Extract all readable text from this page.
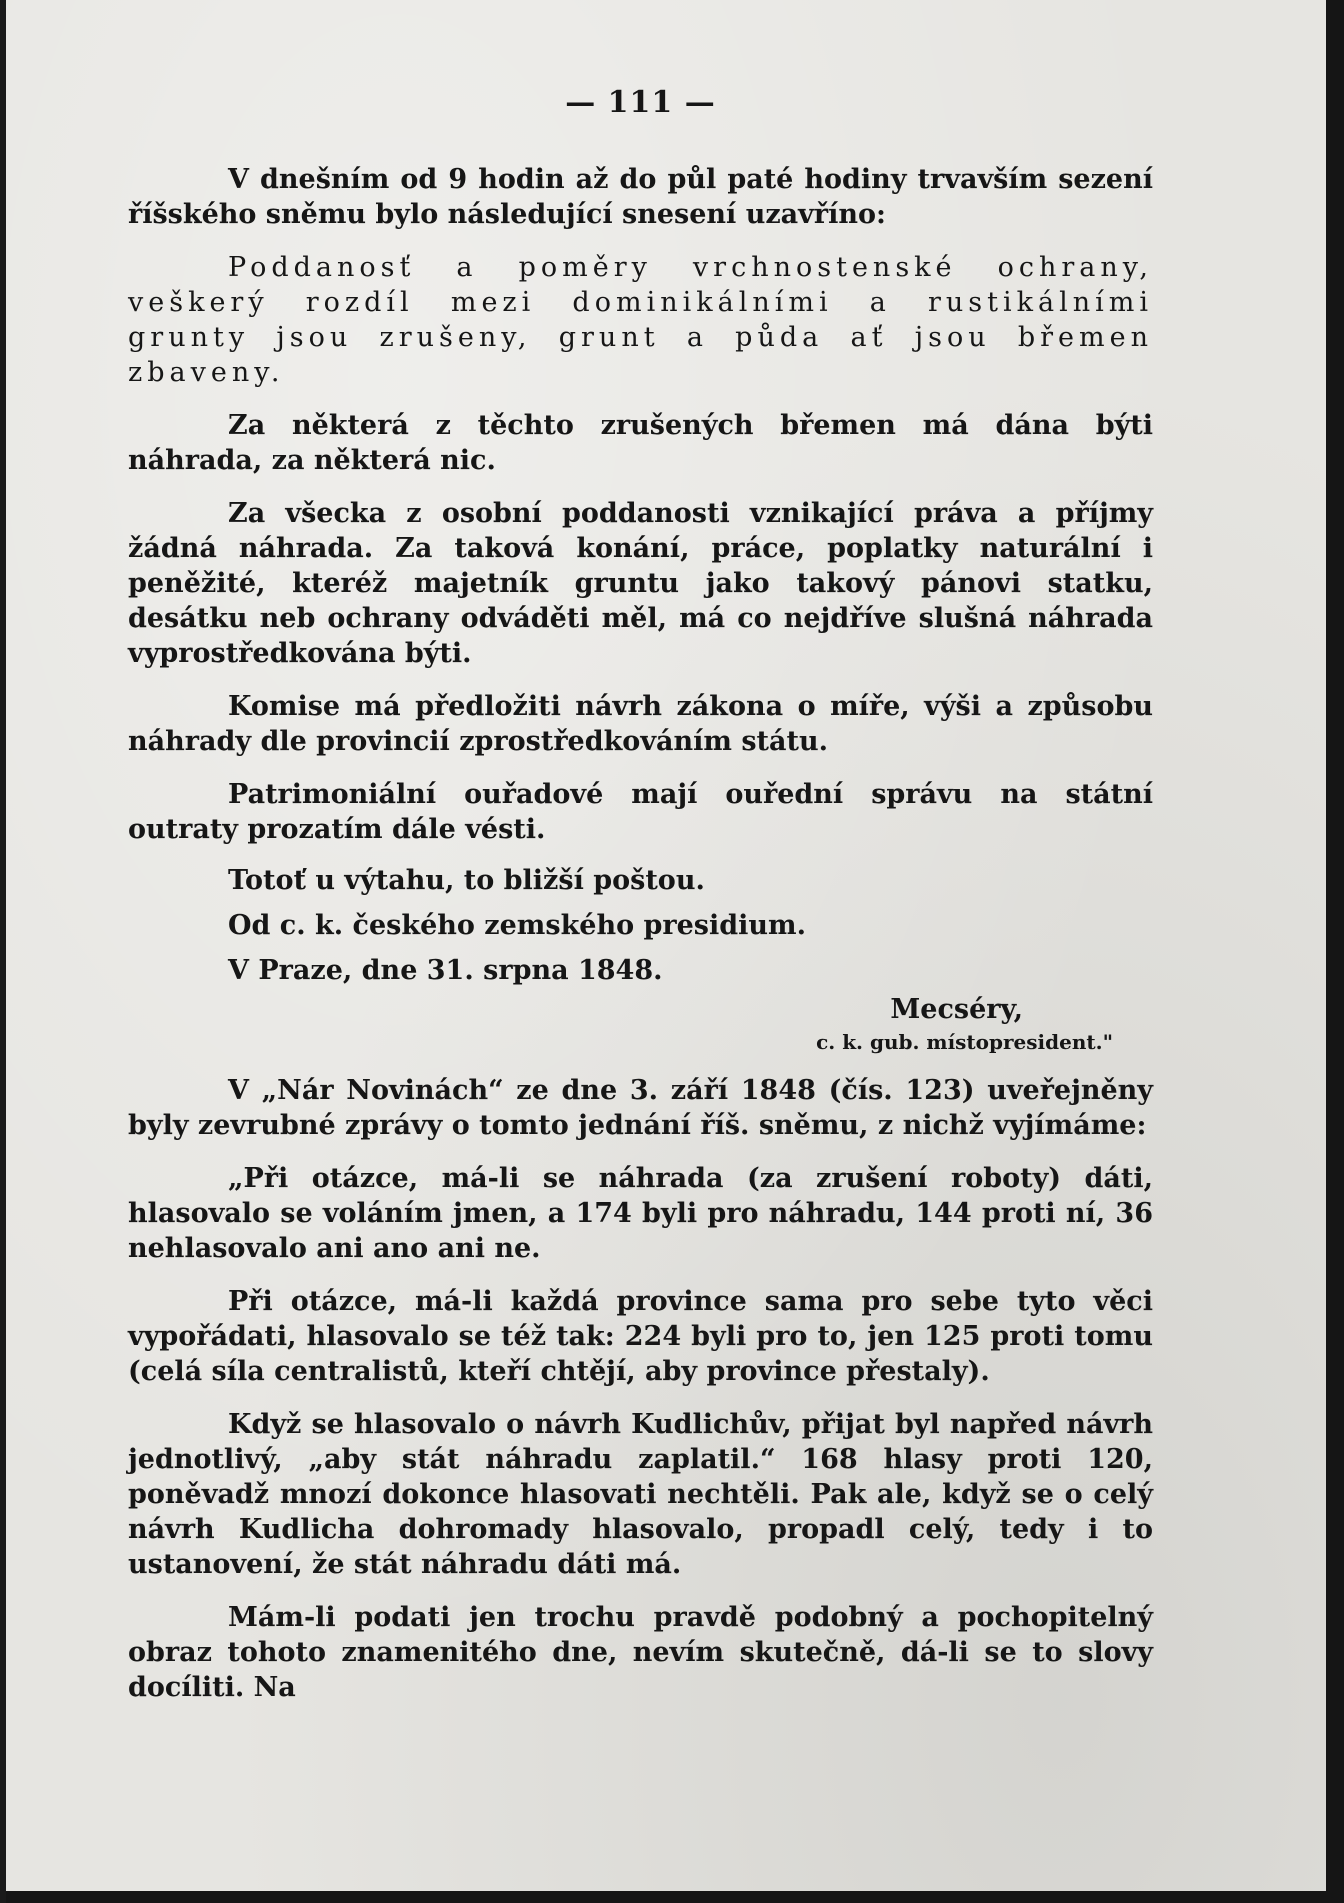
— 111 —

V dnešním od 9 hodin až do půl paté hodiny trvavším sezení říšského sněmu bylo následující snesení uzavříno:

Poddanosť a poměry vrchnostenské ochrany, veškerý rozdíl mezi dominikálními a rustikálními grunty jsou zrušeny, grunt a půda ať jsou břemen zbaveny.

Za některá z těchto zrušených břemen má dána býti náhrada, za některá nic.

Za všecka z osobní poddanosti vznikající práva a příjmy žádná náhrada. Za taková konání, práce, poplatky naturální i peněžité, kteréž majetník gruntu jako takový pánovi statku, desátku neb ochrany odváděti měl, má co nejdříve slušná náhrada vyprostředkována býti.

Komise má předložiti návrh zákona o míře, výši a způsobu náhrady dle provincií zprostředkováním státu.

Patrimoniální ouřadové mají ouřední správu na státní outraty prozatím dále vésti.

Totoť u výtahu, to bližší poštou.

Od c. k. českého zemského presidium.

V Praze, dne 31. srpna 1848.

Mecséry,

c. k. gub. místopresident."

V „Nár Novinách“ ze dne 3. září 1848 (čís. 123) uveřejněny byly zevrubné zprávy o tomto jednání říš. sněmu, z nichž vyjímáme:

„Při otázce, má-li se náhrada (za zrušení roboty) dáti, hlasovalo se voláním jmen, a 174 byli pro náhradu, 144 proti ní, 36 nehlasovalo ani ano ani ne.

Při otázce, má-li každá province sama pro sebe tyto věci vypořádati, hlasovalo se též tak: 224 byli pro to, jen 125 proti tomu (celá síla centralistů, kteří chtějí, aby province přestaly).

Když se hlasovalo o návrh Kudlichův, přijat byl napřed návrh jednotlivý, „aby stát náhradu zaplatil.“ 168 hlasy proti 120, poněvadž mnozí dokonce hlasovati nechtěli. Pak ale, když se o celý návrh Kudlicha dohromady hlasovalo, propadl celý, tedy i to ustanovení, že stát náhradu dáti má.

Mám-li podati jen trochu pravdě podobný a pochopitelný obraz tohoto znamenitého dne, nevím skutečně, dá-li se to slovy docíliti. Na
